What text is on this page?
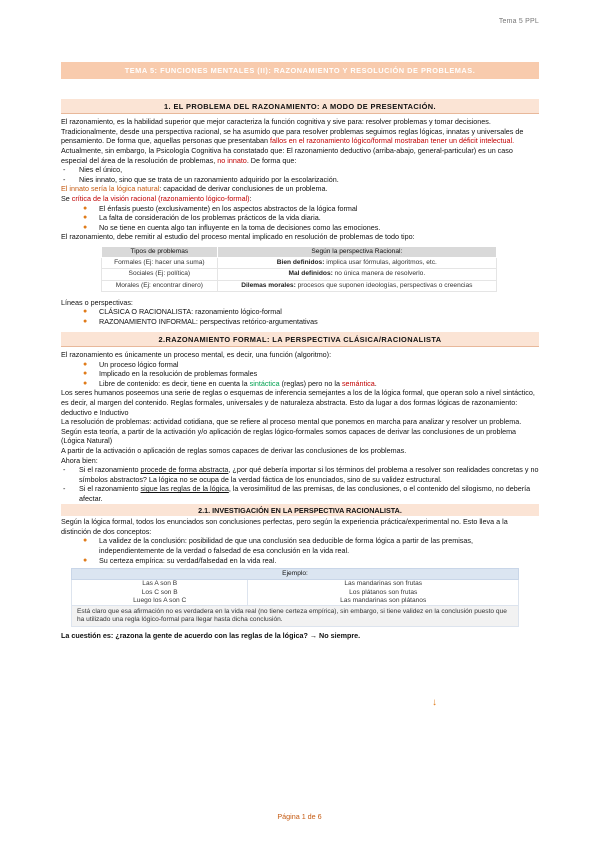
Tema 5 PPL
TEMA 5: FUNCIONES MENTALES (II): RAZONAMIENTO Y RESOLUCIÓN DE PROBLEMAS.
1. EL PROBLEMA DEL RAZONAMIENTO: A MODO DE PRESENTACIÓN.

El razonamiento, es la habilidad superior que mejor caracteriza la función cognitiva y sive para: resolver problemas y tomar decisiones. Tradicionalmente, desde una perspectiva racional, se ha asumido que para resolver problemas seguimos reglas lógicas, innatas y universales de pensamiento. De forma que, aquellas personas que presentaban fallos en el razonamiento lógico/formal mostraban tener un déficit intelectual.

Actualmente, sin embargo, la Psicología Cognitiva ha constatado que: El razonamiento deductivo (arriba-abajo, general-particular) es un caso especial del área de la resolución de problemas, no innato. De forma que:

- Nies el único,
- Nies innato, sino que se trata de un razonamiento adquirido por la escolarización.

El innato sería la lógica natural: capacidad de derivar conclusiones de un problema.

Se crítica de la visión racional (razonamiento lógico-formal):

● El énfasis puesto (exclusivamente) en los aspectos abstractos de la lógica formal
● La falta de consideración de los problemas prácticos de la vida diaria.
● No se tiene en cuenta algo tan influyente en la toma de decisiones como las emociones.

El razonamiento, debe remitir al estudio del proceso mental implicado en resolución de problemas de todo tipo:

Tipos de problemas	Según la perspectiva Racional:
Formales (Ej: hacer una suma)	Bien definidos: implica usar fórmulas, algoritmos, etc.
Sociales (Ej: política)	Mal definidos: no única manera de resolverlo.
Morales (Ej: encontrar dinero)	Dilemas morales: procesos que suponen ideologías, perspectivas o creencias

Líneas o perspectivas:

● CLÁSICA O RACIONALISTA: razonamiento lógico-formal
● RAZONAMIENTO INFORMAL: perspectivas retórico-argumentativas
2.RAZONAMIENTO FORMAL: LA PERSPECTIVA CLÁSICA/RACIONALISTA

El razonamiento es únicamente un proceso mental, es decir, una función (algoritmo):

● Un proceso lógico formal
● Implicado en la resolución de problemas formales
● Libre de contenido: es decir, tiene en cuenta la sintáctica (reglas) pero no la semántica.

Los seres humanos poseemos una serie de reglas o esquemas de inferencia semejantes a los de la lógica formal, que operan solo a nivel sintáctico, es decir, al margen del contenido. Reglas formales, universales y de naturaleza abstracta. Esto da lugar a dos formas lógicas de razonamiento: deductivo e Inductivo

La resolución de problemas: actividad cotidiana, que se refiere al proceso mental que ponemos en marcha para analizar y resolver un problema. Según esta teoría, a partir de la activación y/o aplicación de reglas lógico-formales somos capaces de derivar las conclusiones de un problema (Lógica Natural)

A partir de la activación o aplicación de reglas somos capaces de derivar las conclusiones de los problemas.

Ahora bien:

- Si el razonamiento procede de forma abstracta, ¿por qué debería importar si los términos del problema a resolver son realidades concretas y no símbolos abstractos? La lógica no se ocupa de la verdad fáctica de los enunciados, sino de su validez estructural.
- Si el razonamiento sigue las reglas de la lógica, la verosimilitud de las premisas, de las conclusiones, o el contenido del silogismo, no debería afectar.
2.1. INVESTIGACIÓN EN LA PERSPECTIVA RACIONALISTA.

Según la lógica formal, todos los enunciados son conclusiones perfectas, pero según la experiencia práctica/experimental no. Esto lleva a la distinción de dos conceptos:

● La validez de la conclusión: posibilidad de que una conclusión sea deducible de forma lógica a partir de las premisas, independientemente de la verdad o falsedad de esa conclusión en la vida real.
● Su certeza empírica: su verdad/falsedad en la vida real.
Ejemplo:	
Las A son B	Las mandarinas son frutas
Los C son B	Los plátanos son frutas
Luego los A son C	Las mandarinas son plátanos
Está claro que esa afirmación no es verdadera en la vida real (no tiene certeza empírica), sin embargo, si tiene validez en la conclusión puesto que ha utilizado una regla lógico-formal para llegar hasta dicha conclusión.	

La cuestión es: ¿razona la gente de acuerdo con las reglas de la lógica? → No siempre.

↓
Página 1 de 6
